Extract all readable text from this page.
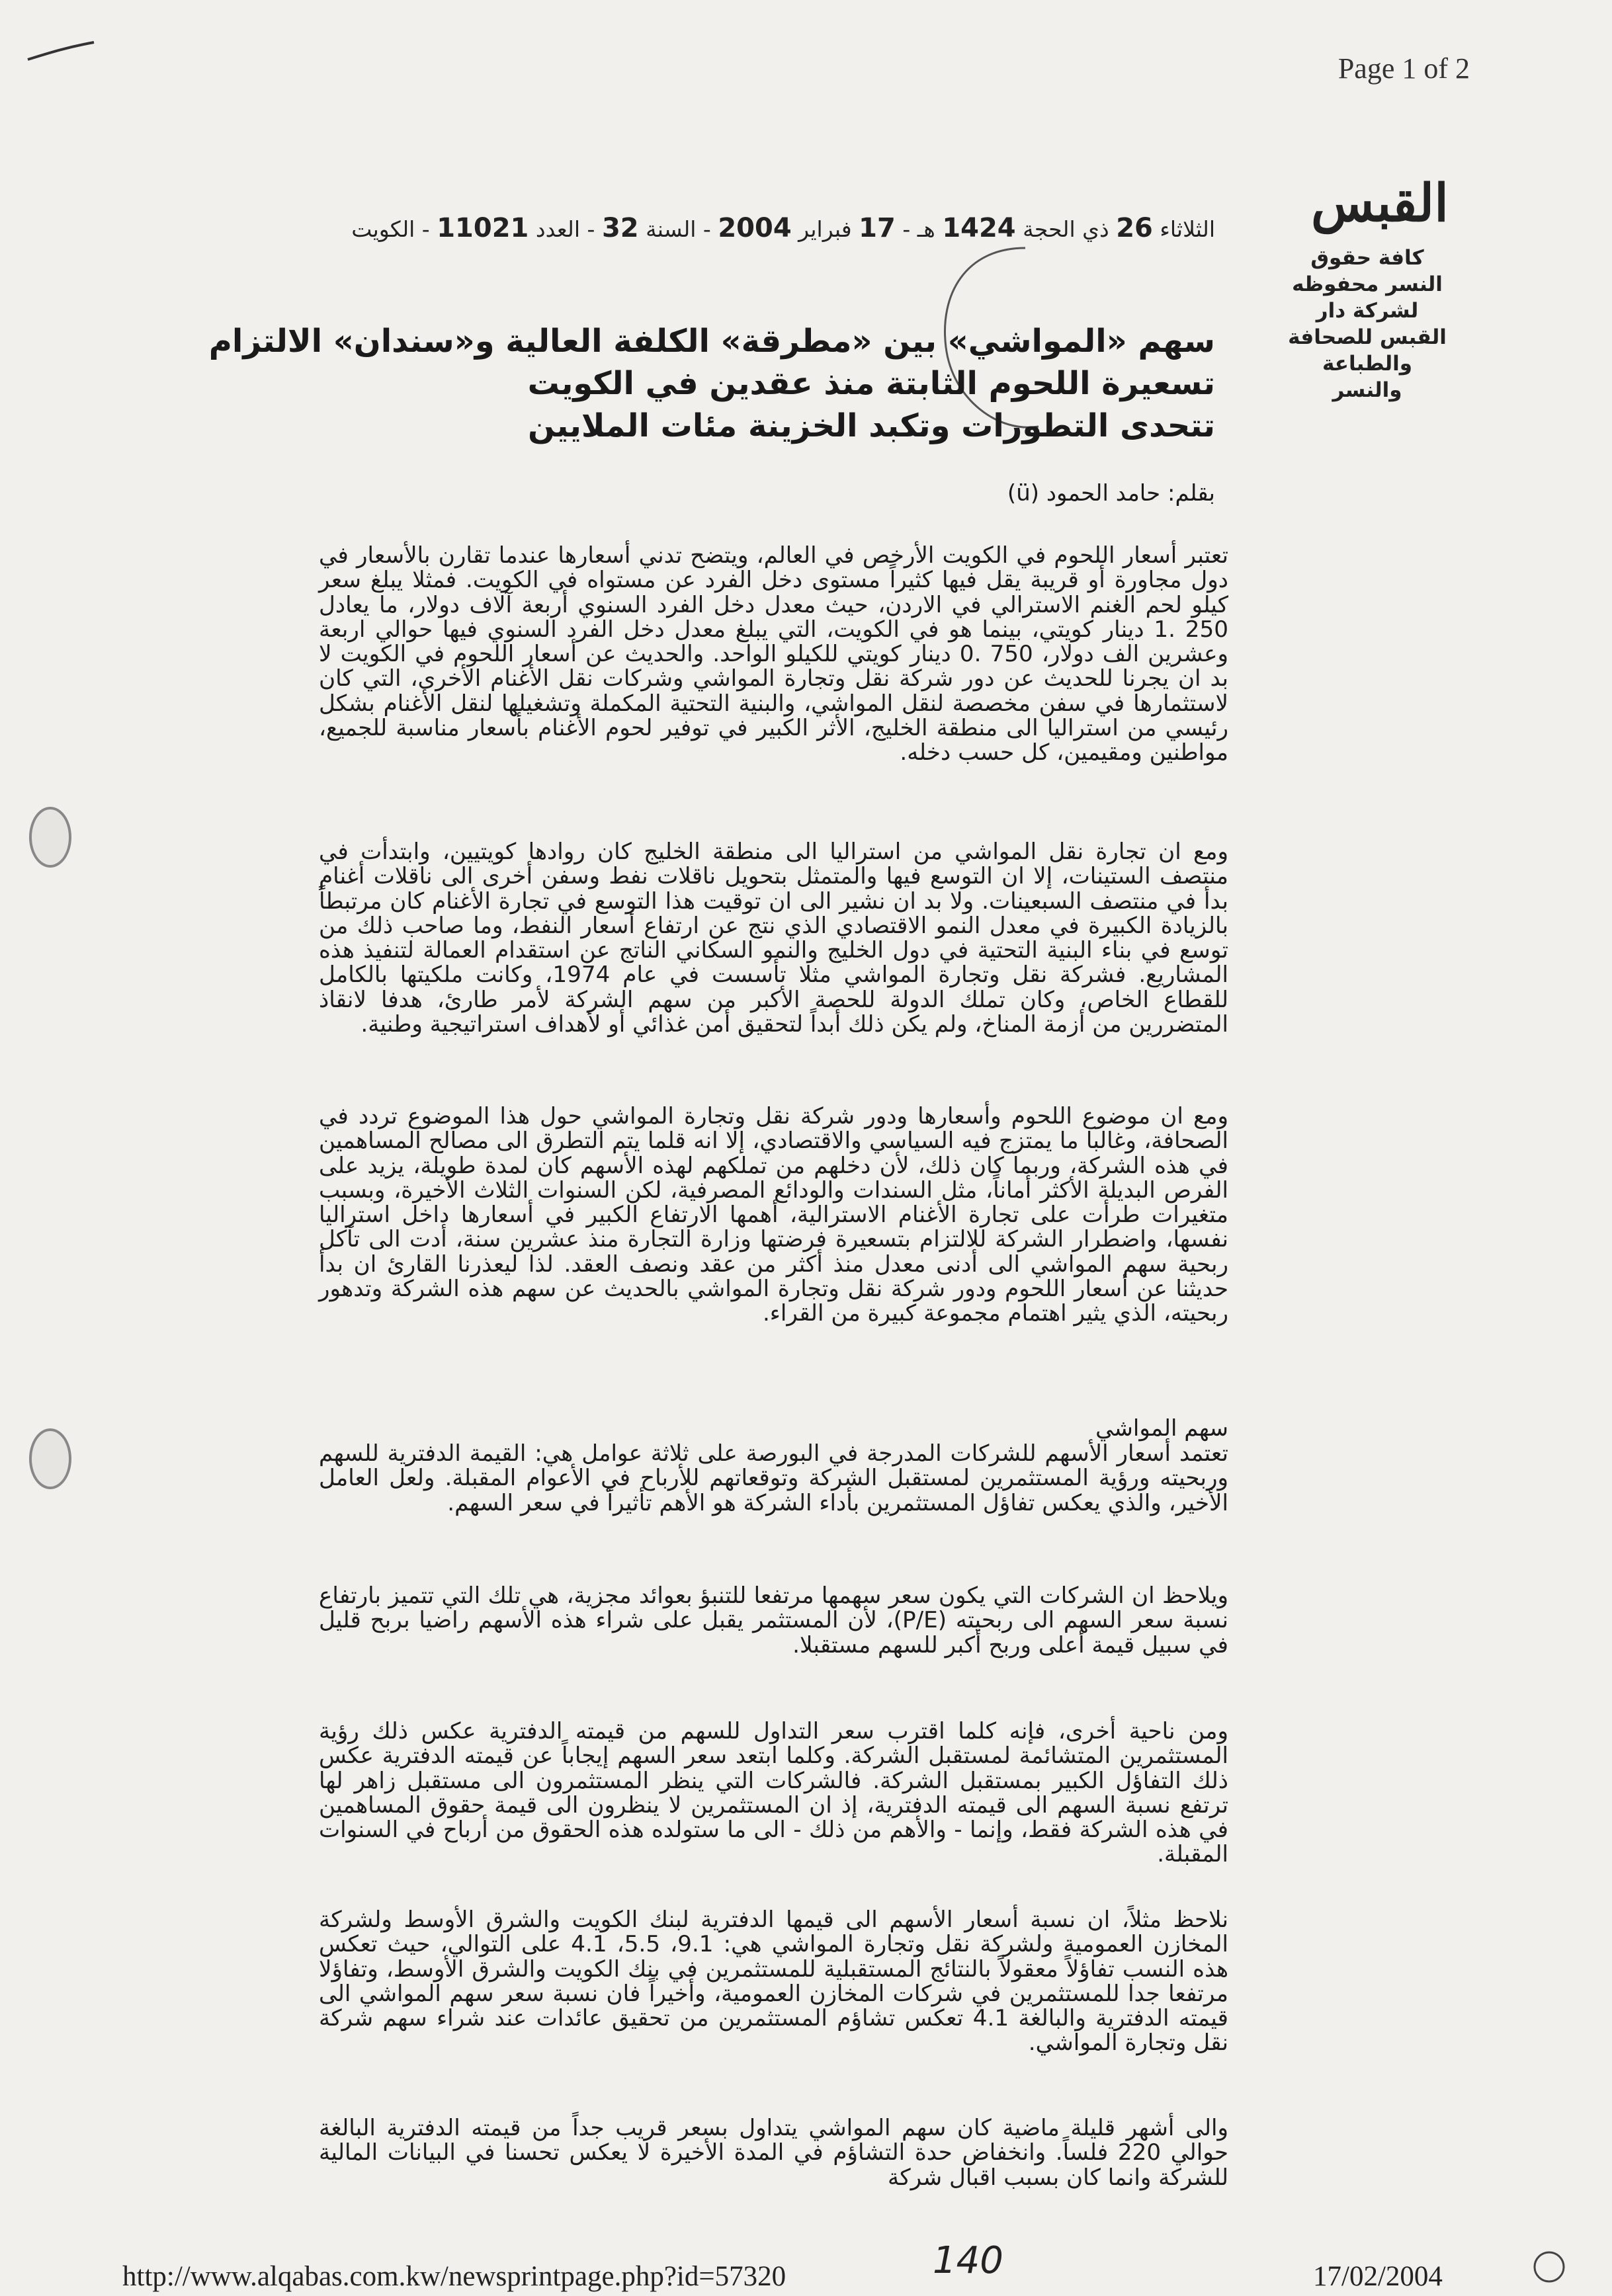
Page 1 of 2
القبس
كافة حقوق النسر محفوظه لشركة دار القبس للصحافة والطباعة والنسر
الثلاثاء 26 ذي الحجة 1424 هـ - 17 فبراير 2004 - السنة 32 - العدد 11021 - الكويت
سهم «المواشي» بين «مطرقة» الكلفة العالية و«سندان» الالتزام
تسعيرة اللحوم الثابتة منذ عقدين في الكويت
تتحدى التطورات وتكبد الخزينة مئات الملايين
بقلم: حامد الحمود (ü)
تعتبر أسعار اللحوم في الكويت الأرخص في العالم، ويتضح تدني أسعارها عندما تقارن بالأسعار في دول مجاورة أو قريبة يقل فيها كثيراً مستوى دخل الفرد عن مستواه في الكويت. فمثلا يبلغ سعر كيلو لحم الغنم الاسترالي في الاردن، حيث معدل دخل الفرد السنوي أربعة آلاف دولار، ما يعادل 250 .1 دينار كويتي، بينما هو في الكويت، التي يبلغ معدل دخل الفرد السنوي فيها حوالي اربعة وعشرين الف دولار، 750 .0 دينار كويتي للكيلو الواحد. والحديث عن أسعار اللحوم في الكويت لا بد ان يجرنا للحديث عن دور شركة نقل وتجارة المواشي وشركات نقل الأغنام الأخرى، التي كان لاستثمارها في سفن مخصصة لنقل المواشي، والبنية التحتية المكملة وتشغيلها لنقل الأغنام بشكل رئيسي من استراليا الى منطقة الخليج، الأثر الكبير في توفير لحوم الأغنام بأسعار مناسبة للجميع، مواطنين ومقيمين، كل حسب دخله.
ومع ان تجارة نقل المواشي من استراليا الى منطقة الخليج كان روادها كويتيين، وابتدأت في منتصف الستينات، إلا ان التوسع فيها والمتمثل بتحويل ناقلات نفط وسفن أخرى الى ناقلات أغنام بدأ في منتصف السبعينات. ولا بد ان نشير الى ان توقيت هذا التوسع في تجارة الأغنام كان مرتبطاً بالزيادة الكبيرة في معدل النمو الاقتصادي الذي نتج عن ارتفاع أسعار النفط، وما صاحب ذلك من توسع في بناء البنية التحتية في دول الخليج والنمو السكاني الناتج عن استقدام العمالة لتنفيذ هذه المشاريع. فشركة نقل وتجارة المواشي مثلا تأسست في عام 1974، وكانت ملكيتها بالكامل للقطاع الخاص، وكان تملك الدولة للحصة الأكبر من سهم الشركة لأمر طارئ، هدفا لانقاذ المتضررين من أزمة المناخ، ولم يكن ذلك أبداً لتحقيق أمن غذائي أو لأهداف استراتيجية وطنية.
ومع ان موضوع اللحوم وأسعارها ودور شركة نقل وتجارة المواشي حول هذا الموضوع تردد في الصحافة، وغالبا ما يمتزج فيه السياسي والاقتصادي، إلا انه قلما يتم التطرق الى مصالح المساهمين في هذه الشركة، وربما كان ذلك، لأن دخلهم من تملكهم لهذه الأسهم كان لمدة طويلة، يزيد على الفرص البديلة الأكثر أماناً، مثل السندات والودائع المصرفية، لكن السنوات الثلاث الأخيرة، وبسبب متغيرات طرأت على تجارة الأغنام الاسترالية، أهمها الارتفاع الكبير في أسعارها داخل استراليا نفسها، واضطرار الشركة للالتزام بتسعيرة فرضتها وزارة التجارة منذ عشرين سنة، أدت الى تآكل ربحية سهم المواشي الى أدنى معدل منذ أكثر من عقد ونصف العقد. لذا ليعذرنا القارئ ان بدأ حديثنا عن أسعار اللحوم ودور شركة نقل وتجارة المواشي بالحديث عن سهم هذه الشركة وتدهور ربحيته، الذي يثير اهتمام مجموعة كبيرة من القراء.
سهم المواشي
تعتمد أسعار الأسهم للشركات المدرجة في البورصة على ثلاثة عوامل هي: القيمة الدفترية للسهم وربحيته ورؤية المستثمرين لمستقبل الشركة وتوقعاتهم للأرباح في الأعوام المقبلة. ولعل العامل الأخير، والذي يعكس تفاؤل المستثمرين بأداء الشركة هو الأهم تأثيراً في سعر السهم.
ويلاحظ ان الشركات التي يكون سعر سهمها مرتفعا للتنبؤ بعوائد مجزية، هي تلك التي تتميز بارتفاع نسبة سعر السهم الى ربحيته (P/E)، لأن المستثمر يقبل على شراء هذه الأسهم راضيا بربح قليل في سبيل قيمة أعلى وربح أكبر للسهم مستقبلا.
ومن ناحية أخرى، فإنه كلما اقترب سعر التداول للسهم من قيمته الدفترية عكس ذلك رؤية المستثمرين المتشائمة لمستقبل الشركة. وكلما ابتعد سعر السهم إيجاباً عن قيمته الدفترية عكس ذلك التفاؤل الكبير بمستقبل الشركة. فالشركات التي ينظر المستثمرون الى مستقبل زاهر لها ترتفع نسبة السهم الى قيمته الدفترية، إذ ان المستثمرين لا ينظرون الى قيمة حقوق المساهمين في هذه الشركة فقط، وإنما - والأهم من ذلك - الى ما ستولده هذه الحقوق من أرباح في السنوات المقبلة.
نلاحظ مثلاً، ان نسبة أسعار الأسهم الى قيمها الدفترية لبنك الكويت والشرق الأوسط ولشركة المخازن العمومية ولشركة نقل وتجارة المواشي هي: 9.1، 5.5، 4.1 على التوالي، حيث تعكس هذه النسب تفاؤلاً معقولاً بالنتائج المستقبلية للمستثمرين في بنك الكويت والشرق الأوسط، وتفاؤلا مرتفعا جدا للمستثمرين في شركات المخازن العمومية، وأخيراً فان نسبة سعر سهم المواشي الى قيمته الدفترية والبالغة 4.1 تعكس تشاؤم المستثمرين من تحقيق عائدات عند شراء سهم شركة نقل وتجارة المواشي.
والى أشهر قليلة ماضية كان سهم المواشي يتداول بسعر قريب جداً من قيمته الدفترية البالغة حوالي 220 فلساً. وانخفاض حدة التشاؤم في المدة الأخيرة لا يعكس تحسنا في البيانات المالية للشركة وانما كان بسبب اقبال شركة
http://www.alqabas.com.kw/newsprintpage.php?id=57320	140	17/02/2004
